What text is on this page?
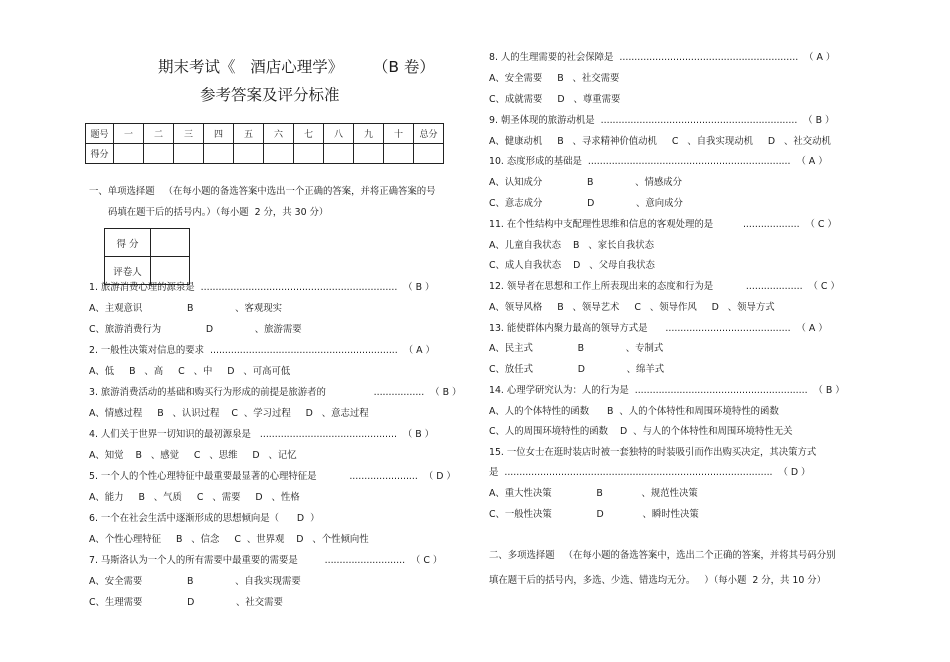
期末考试《   酒店心理学》      （B 卷）
参考答案及评分标准
题号	一	二	三	四	五	六	七	八	九	十	总分
得分											
一、单项选择题   （在每小题的备选答案中选出一个正确的答案，并将正确答案的号
码填在题干后的括号内。）（每小题  2 分，共 30 分）
得 分	
评卷人	
1. 旅游消费心理的源泉是  ..................................................................  （ B ）
A、主观意识               B              、客观现实
C、旅游消费行为               D              、旅游需要
2. 一般性决策对信息的要求  ...............................................................  （ A ）
A、低     B   、高     C   、中     D   、可高可低
3. 旅游消费活动的基础和购买行为形成的前提是旅游者的                .................  （ B ）
A、情感过程     B   、认识过程    C  、学习过程     D   、意志过程
4. 人们关于世界一切知识的最初源泉是   ..............................................  （ B ）
A、知觉    B   、感觉     C   、思维     D   、记忆
5. 一个人的个性心理特征中最重要最显著的心理特征是           .......................  （ D ）
A、能力     B   、气质     C   、需要     D   、性格
6. 一个在社会生活中逐渐形成的思想倾向是（      D  ）
A、个性心理特征     B   、信念     C  、世界观    D   、个性倾向性
7. 马斯洛认为一个人的所有需要中最重要的需要是         ...........................  （ C ）
A、安全需要               B              、自我实现需要
C、生理需要               D              、社交需要
8. 人的生理需要的社会保障是  ............................................................  （ A ）
A、安全需要     B   、社交需要
C、成就需要     D   、尊重需要
9. 朝圣体现的旅游动机是  ..................................................................  （ B ）
A、健康动机     B   、寻求精神价值动机     C   、自我实现动机     D   、社交动机
10. 态度形成的基础是  ....................................................................  （ A ）
A、认知成分               B              、情感成分
C、意志成分               D              、意向成分
11. 在个性结构中支配理性思维和信息的客观处理的是          ...................  （ C ）
A、儿童自我状态    B   、家长自我状态
C、成人自我状态    D   、父母自我状态
12. 领导者在思想和工作上所表现出来的态度和行为是           ...................  （ C ）
A、领导风格     B   、领导艺术     C   、领导作风     D   、领导方式
13. 能使群体内聚力最高的领导方式是      ..........................................  （ A ）
A、民主式               B              、专制式
C、放任式               D              、绵羊式
14. 心理学研究认为：人的行为是  ..........................................................  （ B ）
A、人的个体特性的函数      B  、人的个体特性和周围环境特性的函数
C、人的周围环境特性的函数    D  、与人的个体特性和周围环境特性无关
15. 一位女士在逛时装店时被一套独特的时装吸引而作出购买决定，其决策方式
是  ..........................................................................................  （ D ）
A、重大性决策               B             、规范性决策
C、一般性决策               D             、瞬时性决策
二、多项选择题   （在每小题的备选答案中，选出二个正确的答案，并将其号码分别
填在题干后的括号内，多选、少选、错选均无分。   ）（每小题  2 分，共 10 分）
